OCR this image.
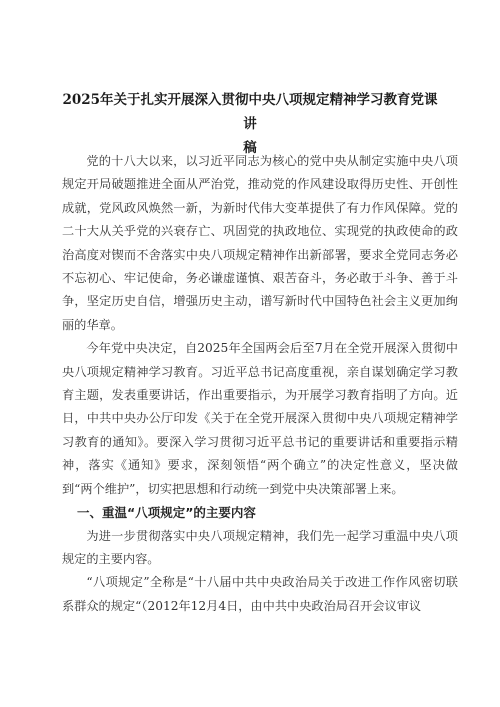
2025年关于扎实开展深入贯彻中央八项规定精神学习教育党课讲
稿

党的十八大以来，以习近平同志为核心的党中央从制定实施中央八项规定开局破题推进全面从严治党，推动党的作风建设取得历史性、开创性成就，党风政风焕然一新，为新时代伟大变革提供了有力作风保障。党的二十大从关乎党的兴衰存亡、巩固党的执政地位、实现党的执政使命的政治高度对锲而不舍落实中央八项规定精神作出新部署，要求全党同志务必不忘初心、牢记使命，务必谦虚谨慎、艰苦奋斗，务必敢于斗争、善于斗争，坚定历史自信，增强历史主动，谱写新时代中国特色社会主义更加绚丽的华章。

今年党中央决定，自2025年全国两会后至7月在全党开展深入贯彻中央八项规定精神学习教育。习近平总书记高度重视，亲自谋划确定学习教育主题，发表重要讲话，作出重要指示，为开展学习教育指明了方向。近日，中共中央办公厅印发《关于在全党开展深入贯彻中央八项规定精神学习教育的通知》。要深入学习贯彻习近平总书记的重要讲话和重要指示精神，落实《通知》要求，深刻领悟“两个确立”的决定性意义，坚决做到“两个维护”，切实把思想和行动统一到党中央决策部署上来。

一、重温“八项规定”的主要内容

为进一步贯彻落实中央八项规定精神，我们先一起学习重温中央八项规定的主要内容。

“八项规定”全称是“十八届中共中央政治局关于改进工作作风密切联系群众的规定“（2012年12月4日，由中共中央政治局召开会议审议
